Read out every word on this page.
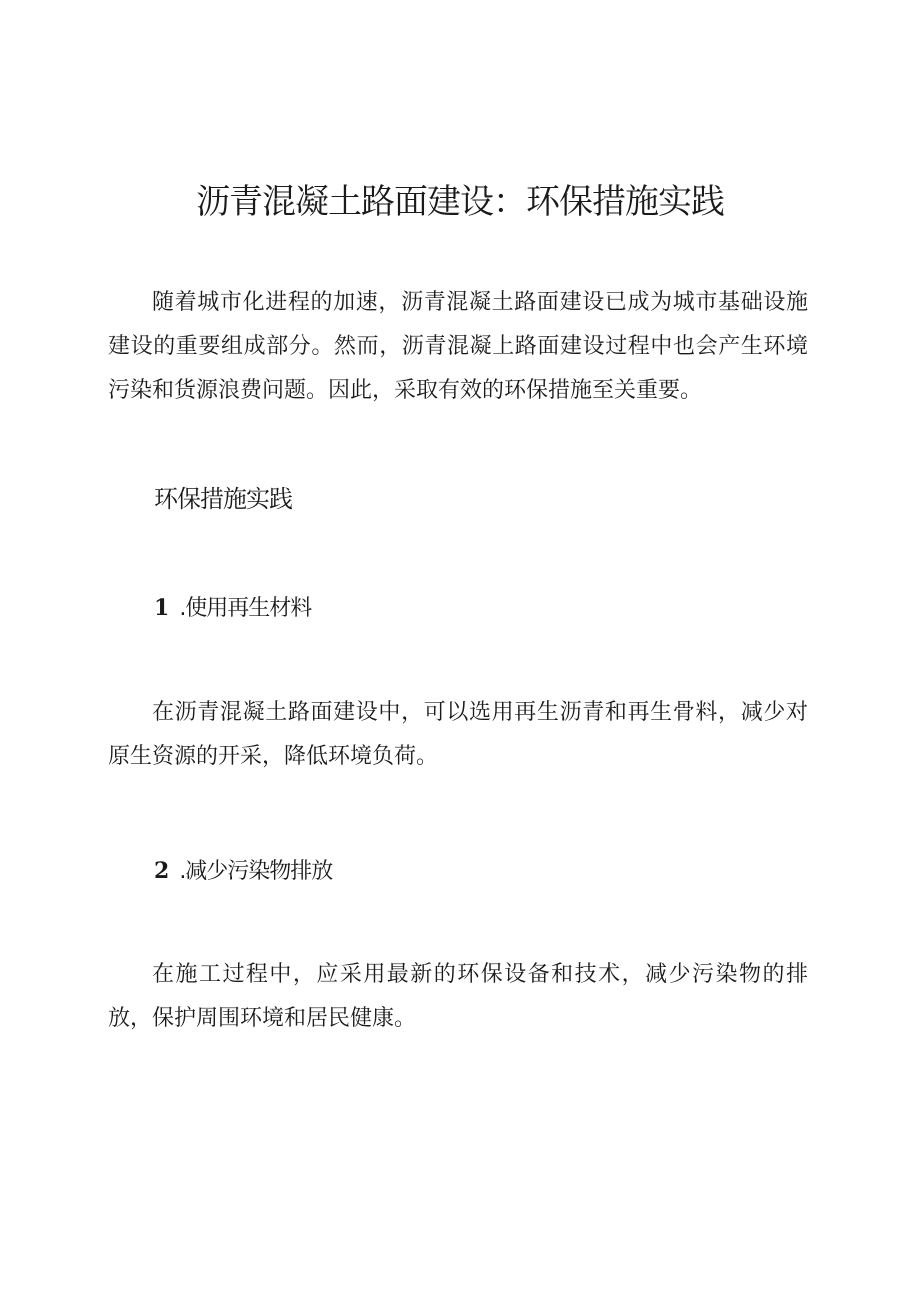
沥青混凝土路面建设：环保措施实践

随着城市化进程的加速，沥青混凝土路面建设已成为城市基础设施建设的重要组成部分。然而，沥青混凝上路面建设过程中也会产生环境污染和货源浪费问题。因此，采取有效的环保措施至关重要。

环保措施实践
1 .使用再生材料

在沥青混凝土路面建设中，可以选用再生沥青和再生骨料，减少对原生资源的开采，降低环境负荷。

2 .减少污染物排放

在施工过程中，应采用最新的环保设备和技术，减少污染物的排放，保护周围环境和居民健康。
